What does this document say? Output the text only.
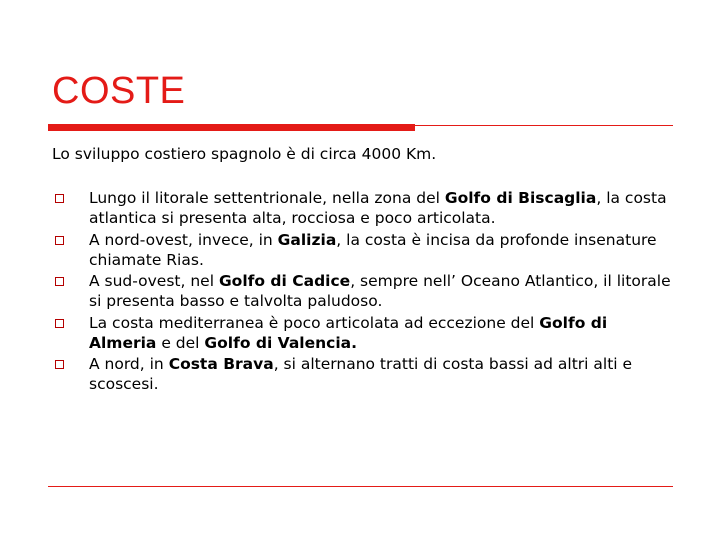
COSTE
Lo sviluppo costiero spagnolo è di circa 4000 Km.
Lungo il litorale settentrionale, nella zona del Golfo di Biscaglia, la costa atlantica si presenta alta, rocciosa e poco articolata.
A nord-ovest, invece, in Galizia, la costa è incisa da profonde insenature chiamate Rias.
A sud-ovest, nel Golfo di Cadice, sempre nell’ Oceano Atlantico, il litorale si presenta basso e talvolta paludoso.
La costa mediterranea è poco articolata ad eccezione del Golfo di Almeria e del Golfo di Valencia.
A nord, in Costa Brava, si alternano tratti di costa bassi ad altri alti e scoscesi.
